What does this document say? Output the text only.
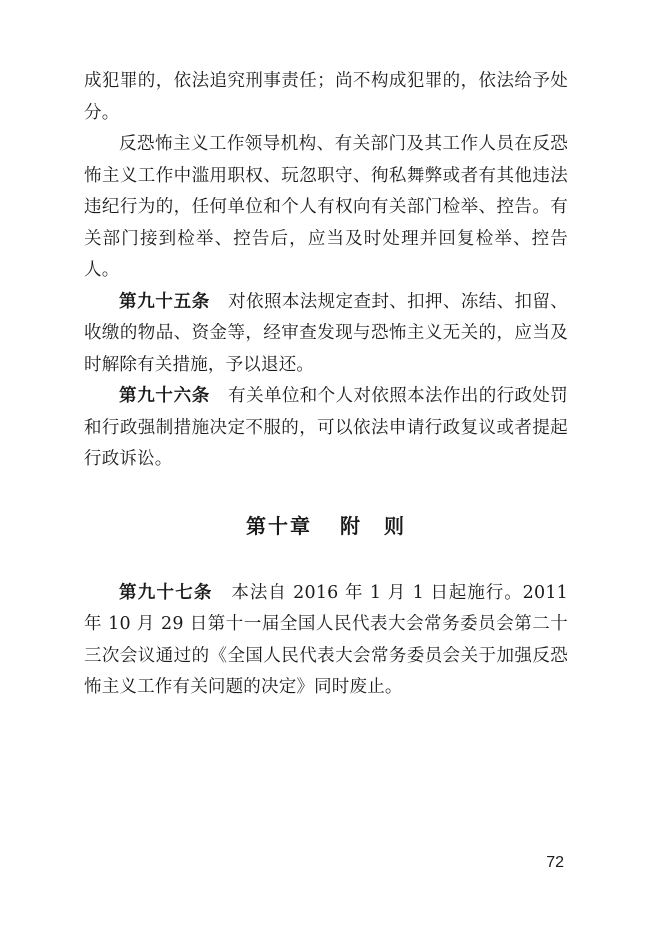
成犯罪的，依法追究刑事责任；尚不构成犯罪的，依法给予处分。

反恐怖主义工作领导机构、有关部门及其工作人员在反恐怖主义工作中滥用职权、玩忽职守、徇私舞弊或者有其他违法违纪行为的，任何单位和个人有权向有关部门检举、控告。有关部门接到检举、控告后，应当及时处理并回复检举、控告人。

第九十五条 对依照本法规定查封、扣押、冻结、扣留、收缴的物品、资金等，经审查发现与恐怖主义无关的，应当及时解除有关措施，予以退还。

第九十六条 有关单位和个人对依照本法作出的行政处罚和行政强制措施决定不服的，可以依法申请行政复议或者提起行政诉讼。

第十章 附　则

第九十七条 本法自 2016 年 1 月 1 日起施行。2011 年 10 月 29 日第十一届全国人民代表大会常务委员会第二十三次会议通过的《全国人民代表大会常务委员会关于加强反恐怖主义工作有关问题的决定》同时废止。

72
